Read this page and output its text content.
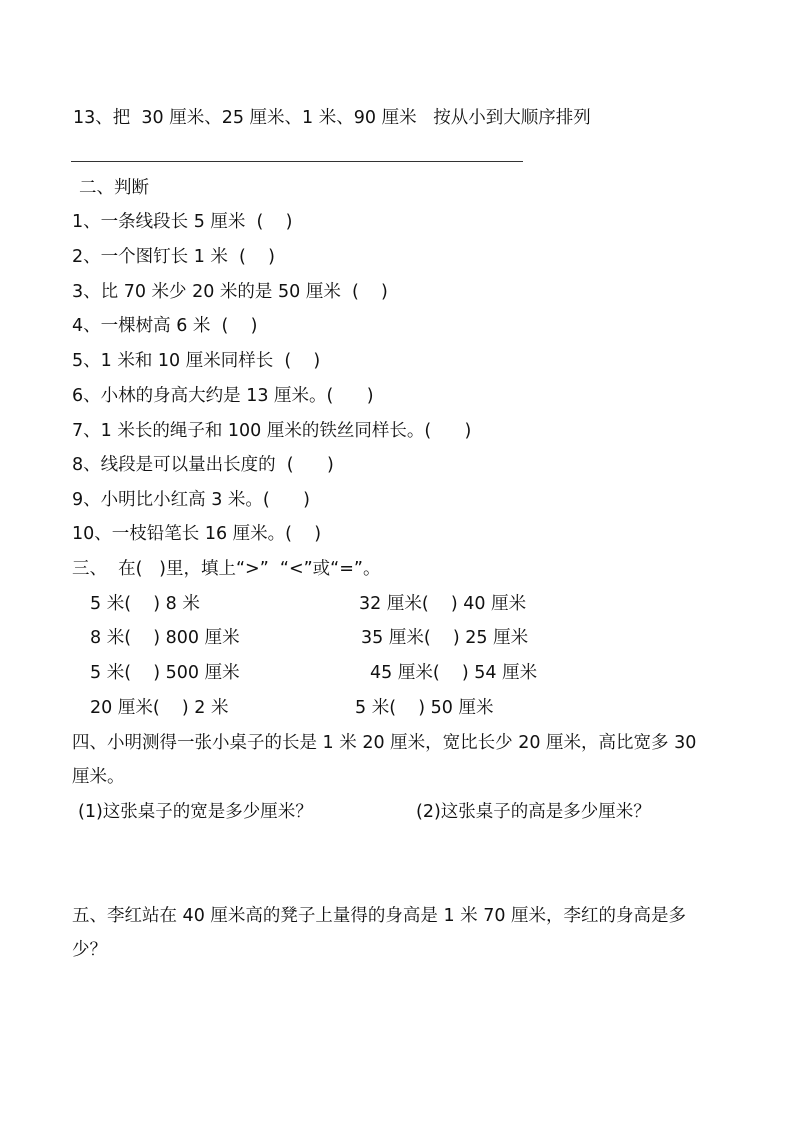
13、把  30 厘米、25 厘米、1 米、90 厘米   按从小到大顺序排列
二、判断
1、一条线段长 5 厘米  (    )
2、一个图钉长 1 米  (    )
3、比 70 米少 20 米的是 50 厘米  (    )
4、一棵树高 6 米  (    )
5、1 米和 10 厘米同样长  (    )
6、小林的身高大约是 13 厘米。(      )
7、1 米长的绳子和 100 厘米的铁丝同样长。(      )
8、线段是可以量出长度的  (      )
9、小明比小红高 3 米。(      )
10、一枝铅笔长 16 厘米。(    )
三、  在(   )里，填上“>”  “<”或“=”。
5 米(    ) 8 米	32 厘米(    ) 40 厘米
8 米(    ) 800 厘米	35 厘米(    ) 25 厘米
5 米(    ) 500 厘米	45 厘米(    ) 54 厘米
20 厘米(    ) 2 米	5 米(    ) 50 厘米
四、小明测得一张小桌子的长是 1 米 20 厘米，宽比长少 20 厘米，高比宽多 30
厘米。
(1)这张桌子的宽是多少厘米？	(2)这张桌子的高是多少厘米？
五、李红站在 40 厘米高的凳子上量得的身高是 1 米 70 厘米，李红的身高是多
少？
